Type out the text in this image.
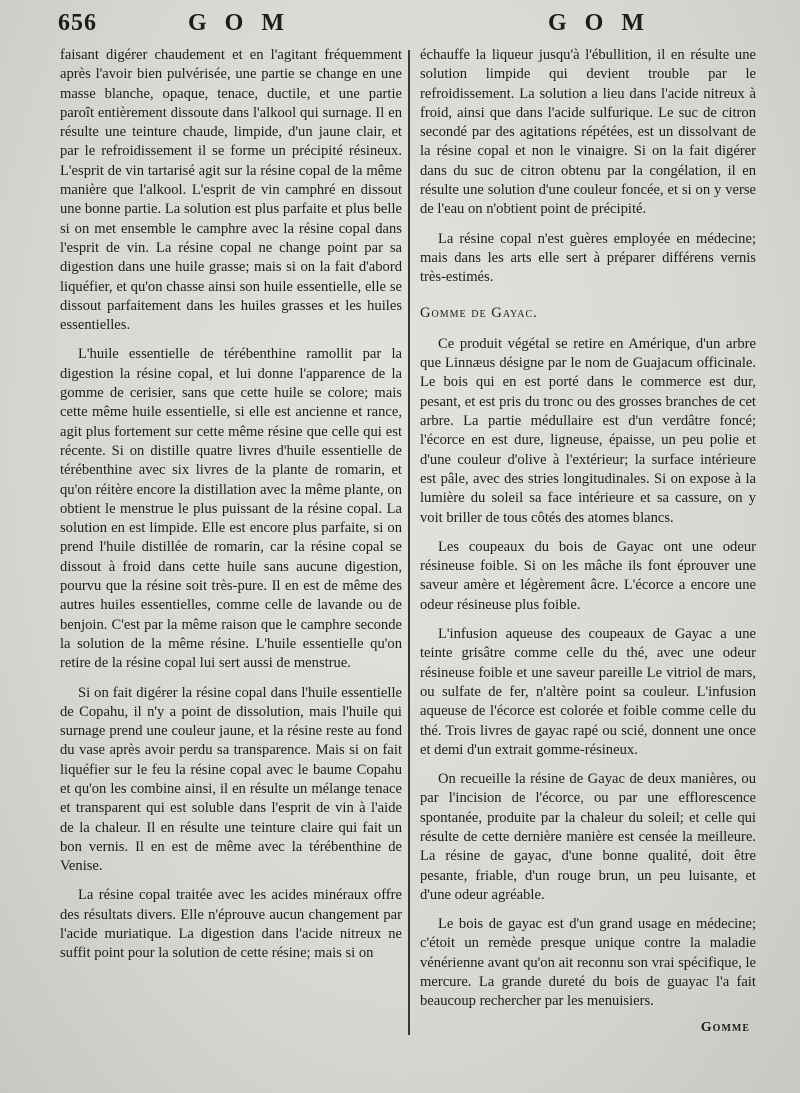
656	G O M	G O M

faisant digérer chaudement et en l'agitant fréquemment après l'avoir bien pulvérisée, une partie se change en une masse blanche, opaque, tenace, ductile, et une partie paroît entièrement dissoute dans l'alkool qui surnage. Il en résulte une teinture chaude, limpide, d'un jaune clair, et par le refroidissement il se forme un précipité résineux. L'esprit de vin tartarisé agit sur la résine copal de la même manière que l'alkool. L'esprit de vin camphré en dissout une bonne partie. La solution est plus parfaite et plus belle si on met ensemble le camphre avec la résine copal dans l'esprit de vin. La résine copal ne change point par sa digestion dans une huile grasse; mais si on la fait d'abord liquéfier, et qu'on chasse ainsi son huile essentielle, elle se dissout parfaitement dans les huiles grasses et les huiles essentielles.

L'huile essentielle de térébenthine ramollit par la digestion la résine copal, et lui donne l'apparence de la gomme de cerisier, sans que cette huile se colore; mais cette même huile essentielle, si elle est ancienne et rance, agit plus fortement sur cette même résine que celle qui est récente. Si on distille quatre livres d'huile essentielle de térébenthine avec six livres de la plante de romarin, et qu'on réitère encore la distillation avec la même plante, on obtient le menstrue le plus puissant de la résine copal. La solution en est limpide. Elle est encore plus parfaite, si on prend l'huile distillée de romarin, car la résine copal se dissout à froid dans cette huile sans aucune digestion, pourvu que la résine soit très-pure. Il en est de même des autres huiles essentielles, comme celle de lavande ou de benjoin. C'est par la même raison que le camphre seconde la solution de la même résine. L'huile essentielle qu'on retire de la résine copal lui sert aussi de menstrue.

Si on fait digérer la résine copal dans l'huile essentielle de Copahu, il n'y a point de dissolution, mais l'huile qui surnage prend une couleur jaune, et la résine reste au fond du vase après avoir perdu sa transparence. Mais si on fait liquéfier sur le feu la résine copal avec le baume Copahu et qu'on les combine ainsi, il en résulte un mélange tenace et transparent qui est soluble dans l'esprit de vin à l'aide de la chaleur. Il en résulte une teinture claire qui fait un bon vernis. Il en est de même avec la térébenthine de Venise.

La résine copal traitée avec les acides minéraux offre des résultats divers. Elle n'éprouve aucun changement par l'acide muriatique. La digestion dans l'acide nitreux ne suffit point pour la solution de cette résine; mais si on

échauffe la liqueur jusqu'à l'ébullition, il en résulte une solution limpide qui devient trouble par le refroidissement. La solution a lieu dans l'acide nitreux à froid, ainsi que dans l'acide sulfurique. Le suc de citron secondé par des agitations répétées, est un dissolvant de la résine copal et non le vinaigre. Si on la fait digérer dans du suc de citron obtenu par la congélation, il en résulte une solution d'une couleur foncée, et si on y verse de l'eau on n'obtient point de précipité.

La résine copal n'est guères employée en médecine; mais dans les arts elle sert à préparer différens vernis très-estimés.

Gomme de Gayac.

Ce produit végétal se retire en Amérique, d'un arbre que Linnæus désigne par le nom de Guajacum officinale. Le bois qui en est porté dans le commerce est dur, pesant, et est pris du tronc ou des grosses branches de cet arbre. La partie médullaire est d'un verdâtre foncé; l'écorce en est dure, ligneuse, épaisse, un peu polie et d'une couleur d'olive à l'extérieur; la surface intérieure est pâle, avec des stries longitudinales. Si on expose à la lumière du soleil sa face intérieure et sa cassure, on y voit briller de tous côtés des atomes blancs.

Les coupeaux du bois de Gayac ont une odeur résineuse foible. Si on les mâche ils font éprouver une saveur amère et légèrement âcre. L'écorce a encore une odeur résineuse plus foible.

L'infusion aqueuse des coupeaux de Gayac a une teinte grisâtre comme celle du thé, avec une odeur résineuse foible et une saveur pareille Le vitriol de mars, ou sulfate de fer, n'altère point sa couleur. L'infusion aqueuse de l'écorce est colorée et foible comme celle du thé. Trois livres de gayac rapé ou scié, donnent une once et demi d'un extrait gomme-résineux.

On recueille la résine de Gayac de deux manières, ou par l'incision de l'écorce, ou par une efflorescence spontanée, produite par la chaleur du soleil; et celle qui résulte de cette dernière manière est censée la meilleure. La résine de gayac, d'une bonne qualité, doit être pesante, friable, d'un rouge brun, un peu luisante, et d'une odeur agréable.

Le bois de gayac est d'un grand usage en médecine; c'étoit un remède presque unique contre la maladie vénérienne avant qu'on ait reconnu son vrai spécifique, le mercure. La grande dureté du bois de guayac l'a fait beaucoup rechercher par les menuisiers.

Gomme
